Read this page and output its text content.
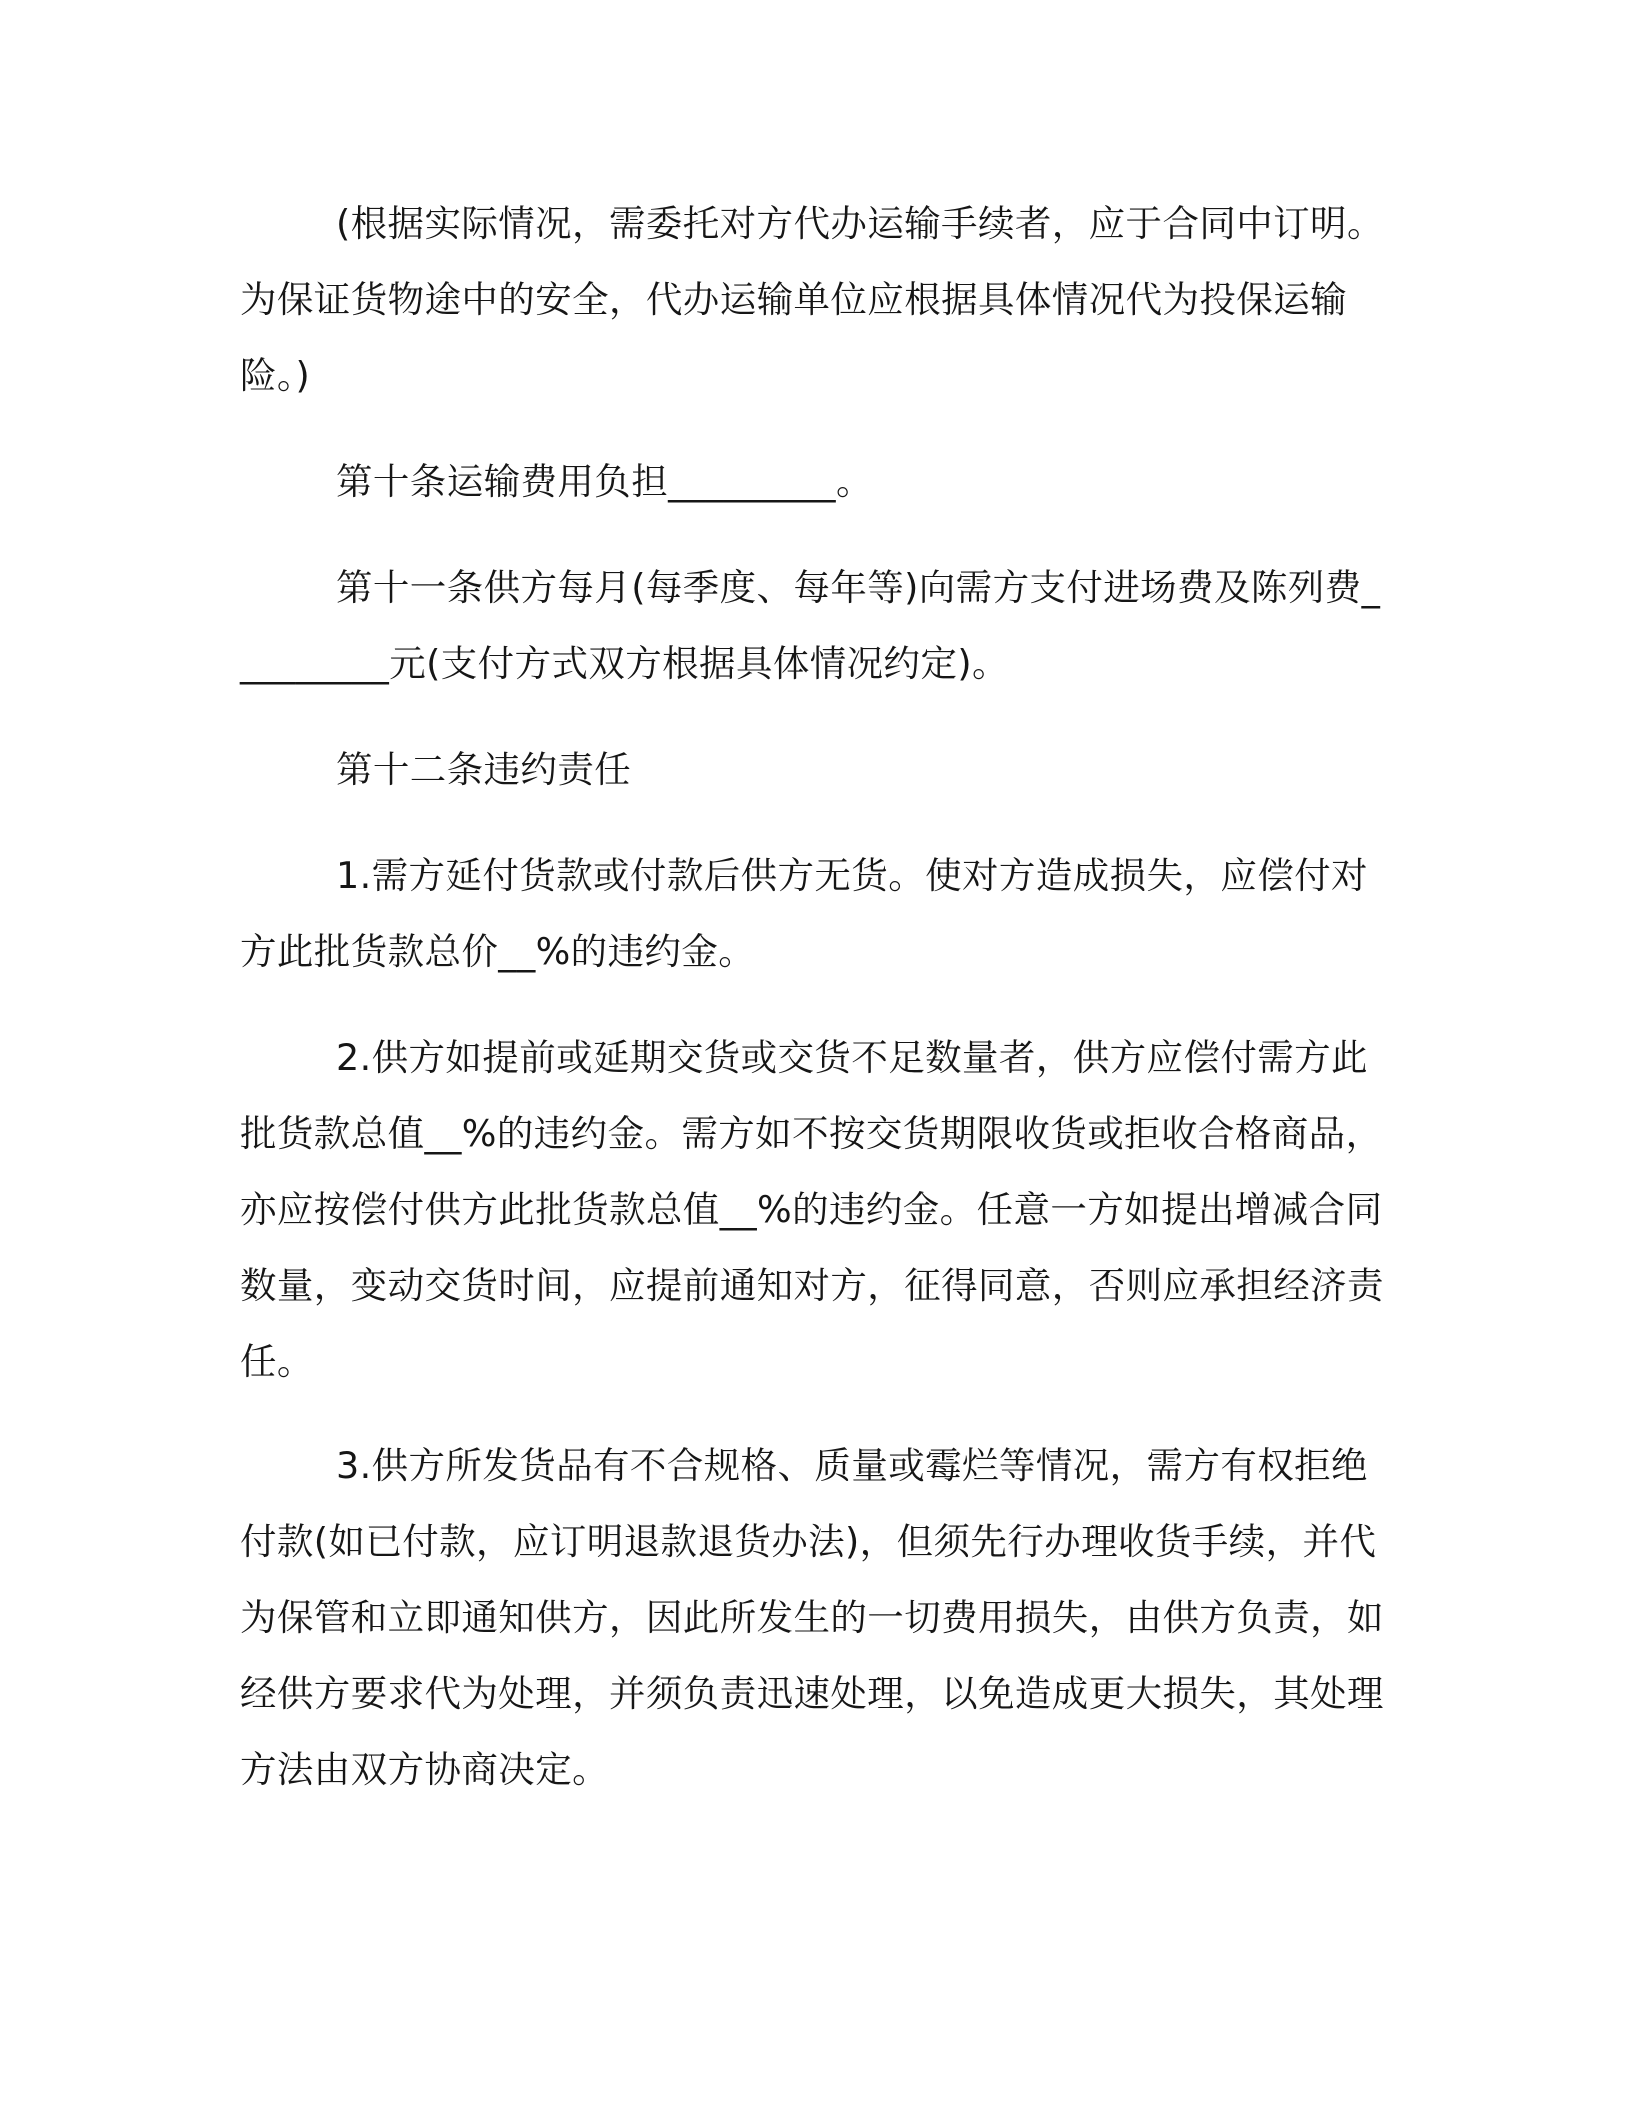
(根据实际情况，需委托对方代办运输手续者，应于合同中订明。为保证货物途中的安全，代办运输单位应根据具体情况代为投保运输险。)

第十条运输费用负担_________。

第十一条供方每月(每季度、每年等)向需方支付进场费及陈列费_________元(支付方式双方根据具体情况约定)。

第十二条违约责任

1.需方延付货款或付款后供方无货。使对方造成损失，应偿付对方此批货款总价__%的违约金。

2.供方如提前或延期交货或交货不足数量者，供方应偿付需方此批货款总值__%的违约金。需方如不按交货期限收货或拒收合格商品，亦应按偿付供方此批货款总值__%的违约金。任意一方如提出增减合同数量，变动交货时间，应提前通知对方，征得同意，否则应承担经济责任。

3.供方所发货品有不合规格、质量或霉烂等情况，需方有权拒绝付款(如已付款，应订明退款退货办法)，但须先行办理收货手续，并代为保管和立即通知供方，因此所发生的一切费用损失，由供方负责，如经供方要求代为处理，并须负责迅速处理，以免造成更大损失，其处理方法由双方协商决定。
